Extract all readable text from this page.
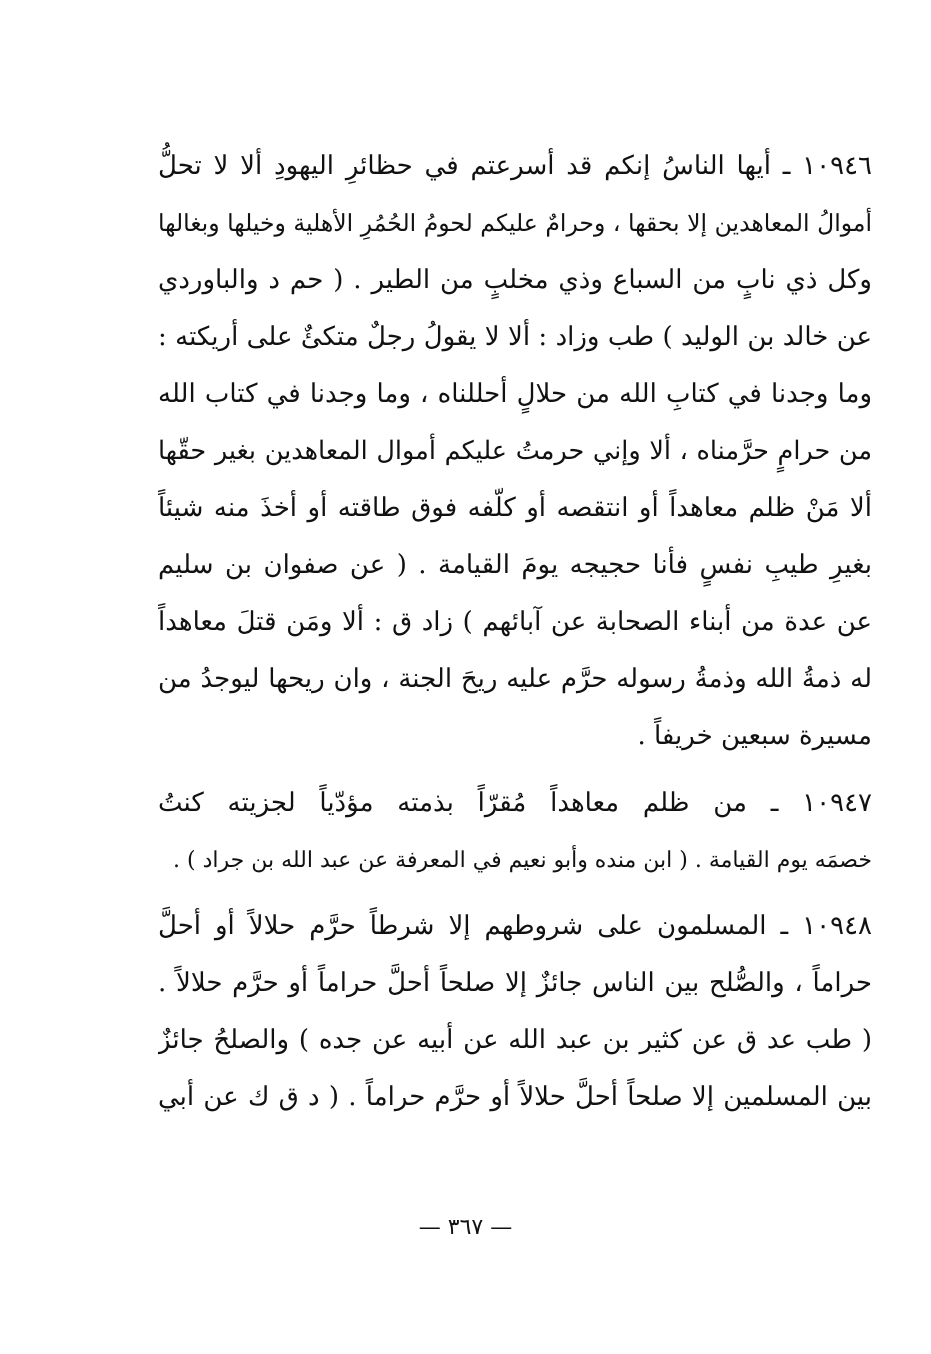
١٠٩٤٦ ـ أيها الناسُ إنكم قد أسرعتم في حظائرِ اليهودِ ألا لا تحلُّ
أموالُ المعاهدين إلا بحقها ، وحرامٌ عليكم لحومُ الحُمُرِ الأهلية وخيلها وبغالها
وكل ذي نابٍ من السباع وذي مخلبٍ من الطير . ( حم د والباوردي
عن خالد بن الوليد ) طب وزاد : ألا لا يقولُ رجلٌ متكئٌ على أريكته :
وما وجدنا في كتابِ الله من حلالٍ أحللناه ، وما وجدنا في كتاب الله
من حرامٍ حرَّمناه ، ألا وإني حرمتُ عليكم أموال المعاهدين بغير حقّها
ألا مَنْ ظلم معاهداً أو انتقصه أو كلّفه فوق طاقته أو أخذَ منه شيئاً
بغيرِ طيبِ نفسٍ فأنا حجيجه يومَ القيامة . ( عن صفوان بن سليم
عن عدة من أبناء الصحابة عن آبائهم ) زاد ق : ألا ومَن قتلَ معاهداً
له ذمةُ الله وذمةُ رسوله حرَّم عليه ريحَ الجنة ، وان ريحها ليوجدُ من
مسيرة سبعين خريفاً .
١٠٩٤٧ ـ من ظلم معاهداً مُقرّاً بذمته مؤدّياً لجزيته كنتُ
خصمَه يوم القيامة . ( ابن منده وأبو نعيم في المعرفة عن عبد الله بن جراد ) .
١٠٩٤٨ ـ المسلمون على شروطهم إلا شرطاً حرَّم حلالاً أو أحلَّ
حراماً ، والصُّلح بين الناس جائزٌ إلا صلحاً أحلَّ حراماً أو حرَّم حلالاً .
( طب عد ق عن كثير بن عبد الله عن أبيه عن جده ) والصلحُ جائزٌ
بين المسلمين إلا صلحاً أحلَّ حلالاً أو حرَّم حراماً . ( د ق ك عن أبي
— ٣٦٧ —
